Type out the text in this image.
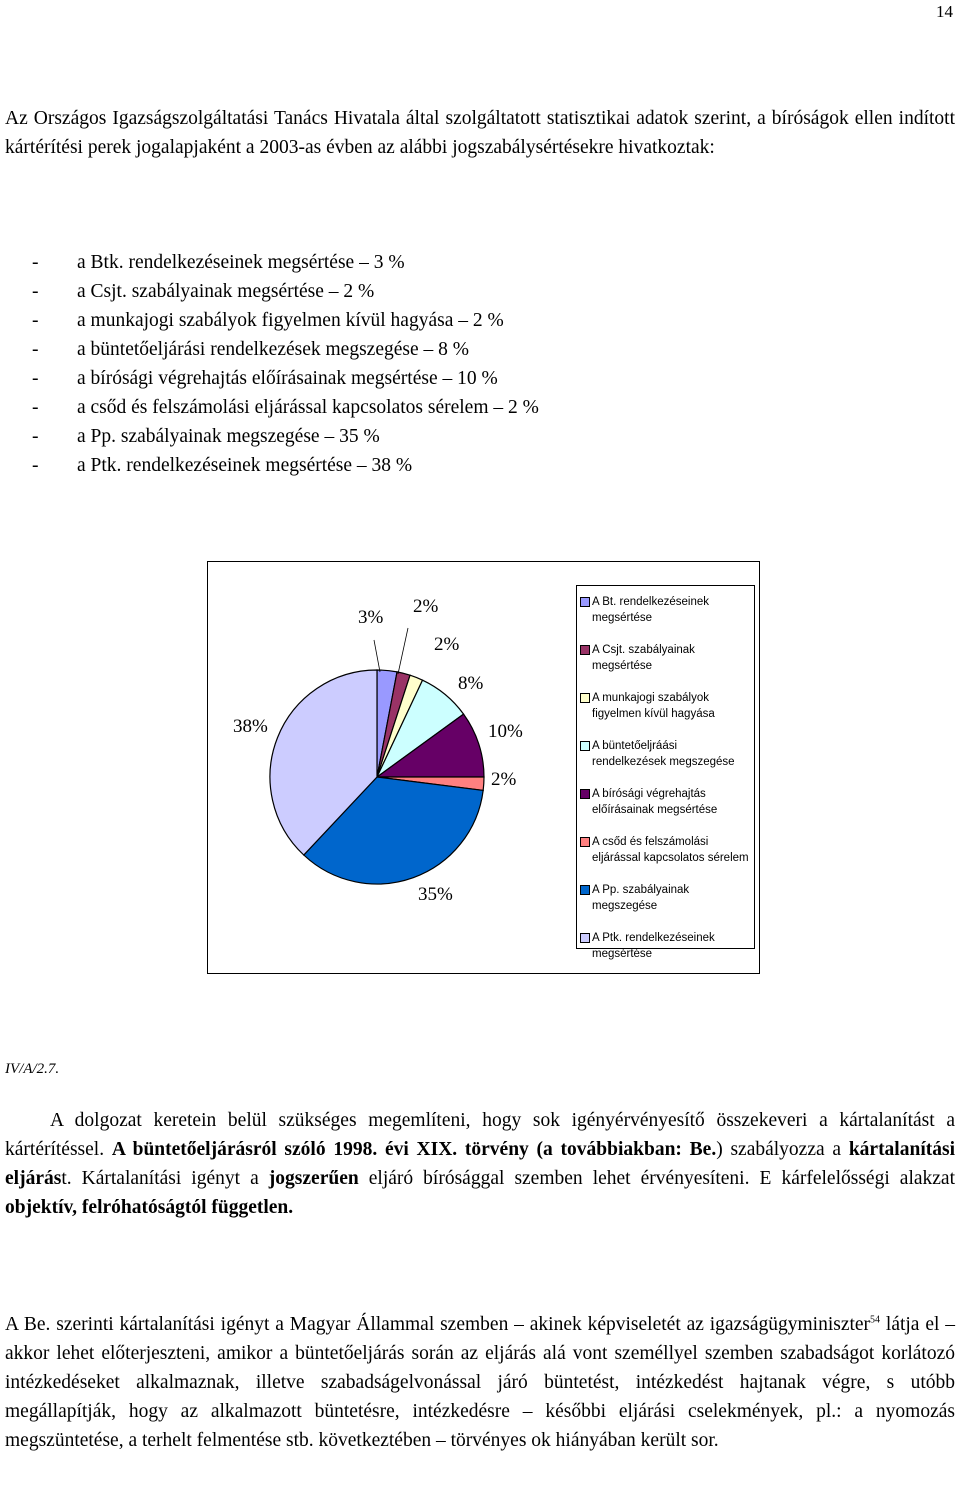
14

Az Országos Igazságszolgáltatási Tanács Hivatala által szolgáltatott statisztikai adatok szerint, a bíróságok ellen indított kártérítési perek jogalapjaként a 2003-as évben az alábbi jogszabálysértésekre hivatkoztak:

-	a Btk. rendelkezéseinek megsértése – 3 %
-	a Csjt. szabályainak megsértése – 2 %
-	a munkajogi szabályok figyelmen kívül hagyása – 2 %
-	a büntetőeljárási rendelkezések megszegése – 8 %
-	a bírósági végrehajtás előírásainak megsértése – 10 %
-	a csőd és felszámolási eljárással kapcsolatos sérelem – 2 %
-	a Pp. szabályainak megszegése – 35 %
-	a Ptk. rendelkezéseinek megsértése – 38 %
3%
2%
2%
8%
10%
2%
35%
38%
A Bt. rendelkezéseinek megsértése
A Csjt. szabályainak megsértése
A munkajogi szabályok figyelmen kívül hagyása
A büntetőeljráási rendelkezések megszegése
A bírósági végrehajtás előírásainak megsértése
A csőd és felszámolási eljárással kapcsolatos sérelem
A Pp. szabályainak megszegése
A Ptk. rendelkezéseinek megsértése
IV/A/2.7.

A dolgozat keretein belül szükséges megemlíteni, hogy sok igényérvényesítő összekeveri a kártalanítást a kártérítéssel. A büntetőeljárásról szóló 1998. évi XIX. törvény (a továbbiakban: Be.) szabályozza a kártalanítási eljárást. Kártalanítási igényt a jogszerűen eljáró bírósággal szemben lehet érvényesíteni. E kárfelelősségi alakzat objektív, felróhatóságtól független.

A Be. szerinti kártalanítási igényt a Magyar Állammal szemben – akinek képviseletét az igazságügyminiszter$^{54}$ látja el – akkor lehet előterjeszteni, amikor a büntetőeljárás során az eljárás alá vont személlyel szemben szabadságot korlátozó intézkedéseket alkalmaznak, illetve szabadságelvonással járó büntetést, intézkedést hajtanak végre, s utóbb megállapítják, hogy az alkalmazott büntetésre, intézkedésre – későbbi eljárási cselekmények, pl.: a nyomozás megszüntetése, a terhelt felmentése stb. következtében – törvényes ok hiányában került sor.
